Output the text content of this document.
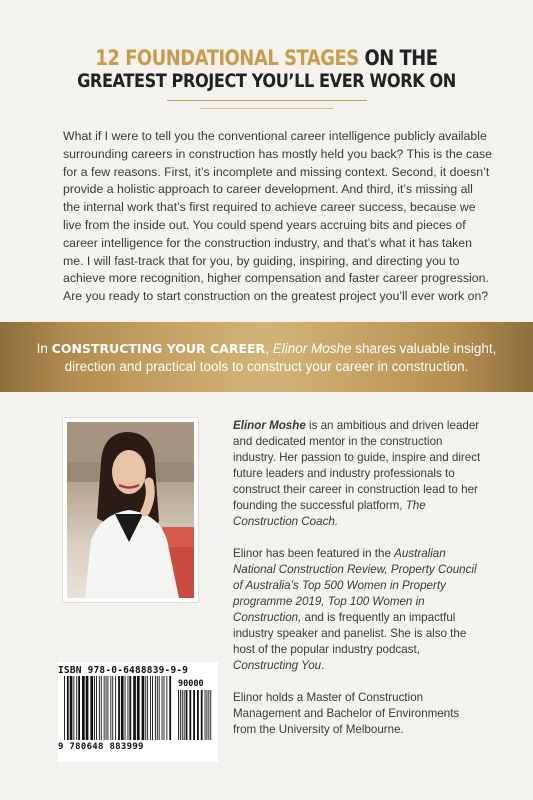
12 FOUNDATIONAL STAGES ON THE
GREATEST PROJECT YOU’LL EVER WORK ON
What if I were to tell you the conventional career intelligence publicly available surrounding careers in construction has mostly held you back? This is the case for a few reasons. First, it’s incomplete and missing context. Second, it doesn’t provide a holistic approach to career development. And third, it’s missing all the internal work that’s first required to achieve career success, because we live from the inside out. You could spend years accruing bits and pieces of career intelligence for the construction industry, and that’s what it has taken me. I will fast-track that for you, by guiding, inspiring, and directing you to achieve more recognition, higher compensation and faster career progression. Are you ready to start construction on the greatest project you’ll ever work on?
In CONSTRUCTING YOUR CAREER, Elinor Moshe shares valuable insight,
direction and practical tools to construct your career in construction.

Elinor Moshe is an ambitious and driven leader and dedicated mentor in the construction industry. Her passion to guide, inspire and direct future leaders and industry professionals to construct their career in construction lead to her founding the successful platform, The Construction Coach.

Elinor has been featured in the Australian National Construction Review, Property Council of Australia’s Top 500 Women in Property programme 2019, Top 100 Women in Construction, and is frequently an impactful industry speaker and panelist. She is also the host of the popular industry podcast, Constructing You.

Elinor holds a Master of Construction Management and Bachelor of Environments from the University of Melbourne.

ISBN 978-0-6488839-9-9
90000
9 780648 883999
